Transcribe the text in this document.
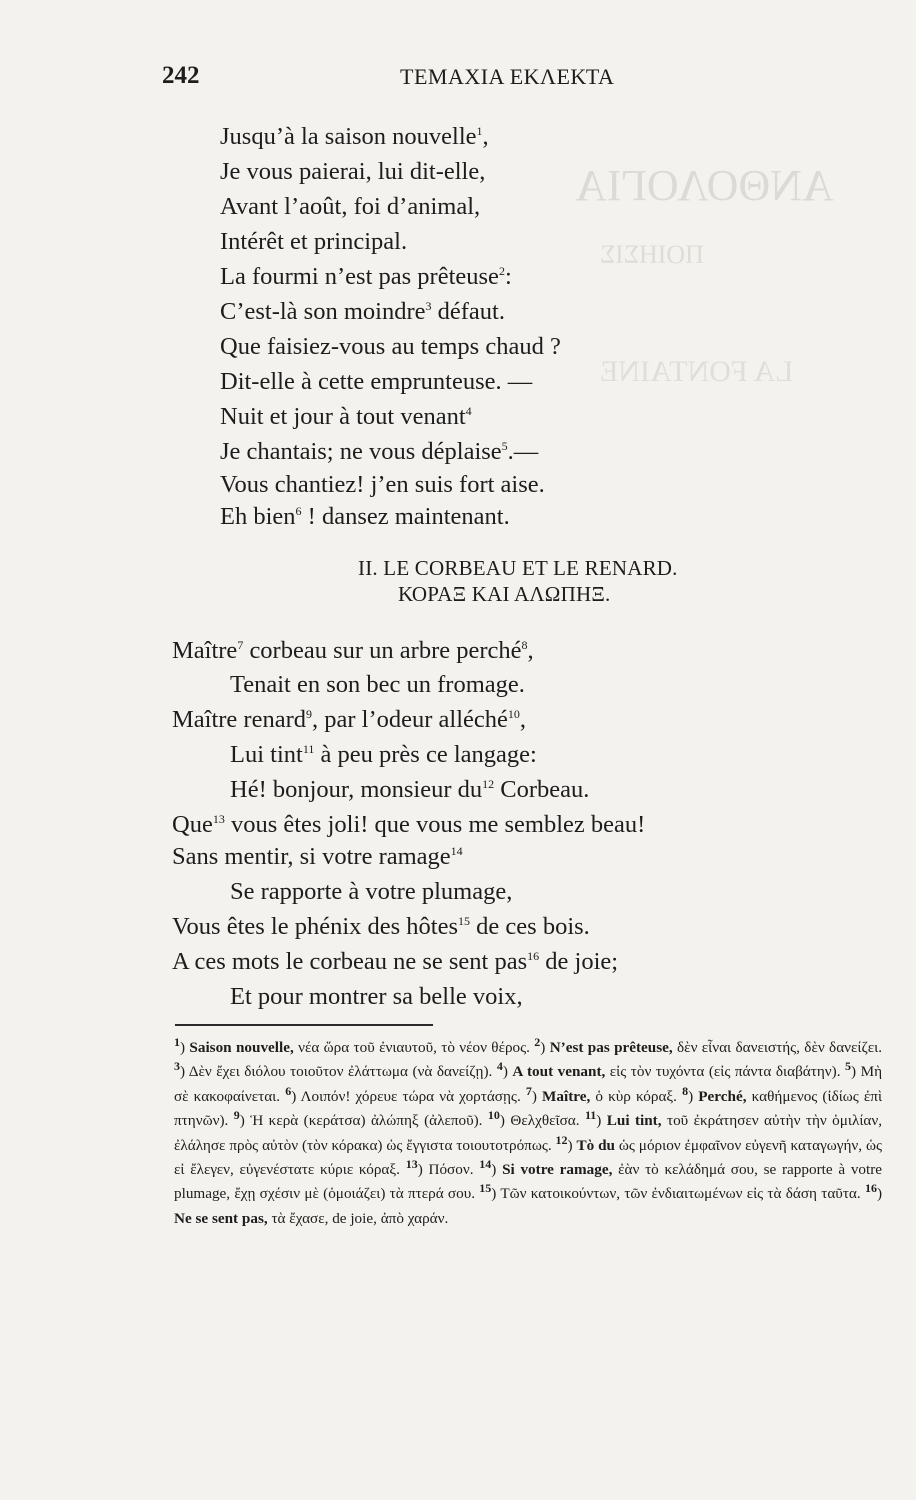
ΑΝΘΟΛΟΓΙΑ
ΠΟΙΗΣΙΣ
LA FONTAINE
242	ΤΕΜΑΧΙΑ ΕΚΛΕΚΤΑ
Jusqu’à la saison nouvelle$^1$,
Je vous paierai, lui dit-elle,
Avant l’août, foi d’animal,
Intérêt et principal.
La fourmi n’est pas prêteuse$^2$:
C’est-là son moindre$^3$ défaut.
Que faisiez-vous au temps chaud ?
Dit-elle à cette emprunteuse. —
Nuit et jour à tout venant$^4$
Je chantais; ne vous déplaise$^5$.—
Vous chantiez! j’en suis fort aise.
Eh bien$^6$ ! dansez maintenant.
II. LE CORBEAU ET LE RENARD.
ΚΟΡΑΞ ΚΑΙ ΑΛΩΠΗΞ.
Maître$^7$ corbeau sur un arbre perché$^8$,
Tenait en son bec un fromage.
Maître renard$^9$, par l’odeur alléché$^{10}$,
Lui tint$^{11}$ à peu près ce langage:
Hé! bonjour, monsieur $du^{12}$ Corbeau.
Que$^{13}$ vous êtes joli! que vous me semblez beau!
Sans mentir, si votre ramage$^{14}$
Se rapporte à votre plumage,
Vous êtes le phénix des hôtes$^{15}$ de ces bois.
A ces mots le corbeau ne se sent pas$^{16}$ de joie;
Et pour montrer sa belle voix,
$^1$) Saison nouvelle, νέα ὥρα τοῦ ἐνιαυτοῦ, τὸ νέον θέρος. $^2$) N’est pas prêteuse, δὲν εἶναι δανειστής, δὲν δανείζει. $^3$) Δὲν ἔχει διόλου τοιοῦτον ἐλάττωμα (νὰ δανείζῃ). $^4$) A tout venant, εἰς τὸν τυχόντα (εἰς πάντα διαβάτην). $^5$) Μὴ σὲ κακοφαίνεται. $^6$) Λοιπόν! χόρευε τώρα νὰ χορτάσῃς. $^7$) Maître, ὁ κὺρ κόραξ. $^8$) Perché, καθήμενος (ἰδίως ἐπὶ πτηνῶν). $^9$) Ἡ κερὰ (κεράτσα) ἀλώπηξ (ἀλεποῦ). $^{10}$) Θελχθεῖσα. $^{11}$) Lui tint, τοῦ ἐκράτησεν αὐτὴν τὴν ὁμιλίαν, ἐλάλησε πρὸς αὐτὸν (τὸν κόρακα) ὡς ἔγγιστα τοιουτοτρόπως. $^{12}$) Τὸ du ὡς μόριον ἐμφαῖνον εὐγενῆ καταγωγήν, ὡς εἰ ἔλεγεν, εὐγενέστατε κύριε κόραξ. $^{13}$) Πόσον. $^{14}$) Si votre ramage, ἐὰν τὸ κελάδημά σου, se rapporte à votre plumage, ἔχῃ σχέσιν μὲ (ὁμοιάζει) τὰ πτερά σου. $^{15}$) Τῶν κατοικούντων, τῶν ἐνδιαιτωμένων εἰς τὰ δάση ταῦτα. $^{16}$) Ne se sent pas, τὰ ἔχασε, de joie, ἀπὸ χαράν.
